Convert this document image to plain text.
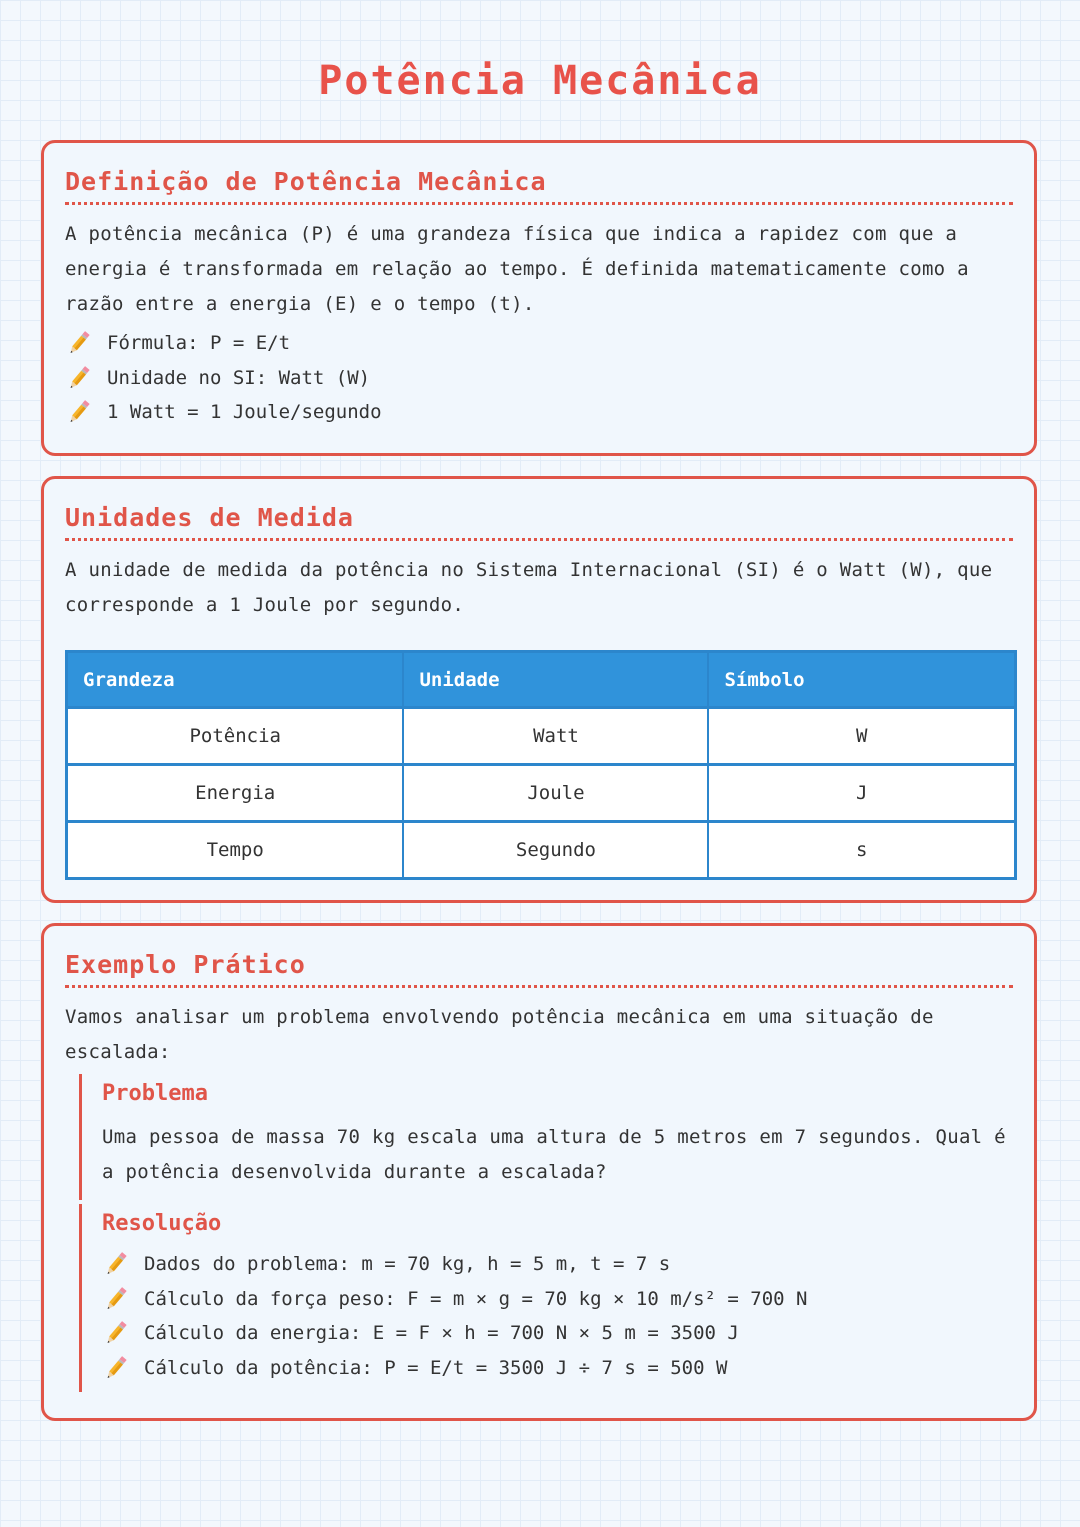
Potência Mecânica
Definição de Potência Mecânica

A potência mecânica (P) é uma grandeza física que indica a rapidez com que a energia é transformada em relação ao tempo. É definida matematicamente como a razão entre a energia (E) e o tempo (t).

Fórmula: P = E/t
Unidade no SI: Watt (W)
1 Watt = 1 Joule/segundo
Unidades de Medida

A unidade de medida da potência no Sistema Internacional (SI) é o Watt (W), que corresponde a 1 Joule por segundo.

Grandeza	Unidade	Símbolo
Potência	Watt	W
Energia	Joule	J
Tempo	Segundo	s
Exemplo Prático

Vamos analisar um problema envolvendo potência mecânica em uma situação de escalada:

Problema

Uma pessoa de massa 70 kg escala uma altura de 5 metros em 7 segundos. Qual é a potência desenvolvida durante a escalada?

Resolução
Dados do problema: m = 70 kg, h = 5 m, t = 7 s
Cálculo da força peso: F = m × g = 70 kg × 10 m/s² = 700 N
Cálculo da energia: E = F × h = 700 N × 5 m = 3500 J
Cálculo da potência: P = E/t = 3500 J ÷ 7 s = 500 W
